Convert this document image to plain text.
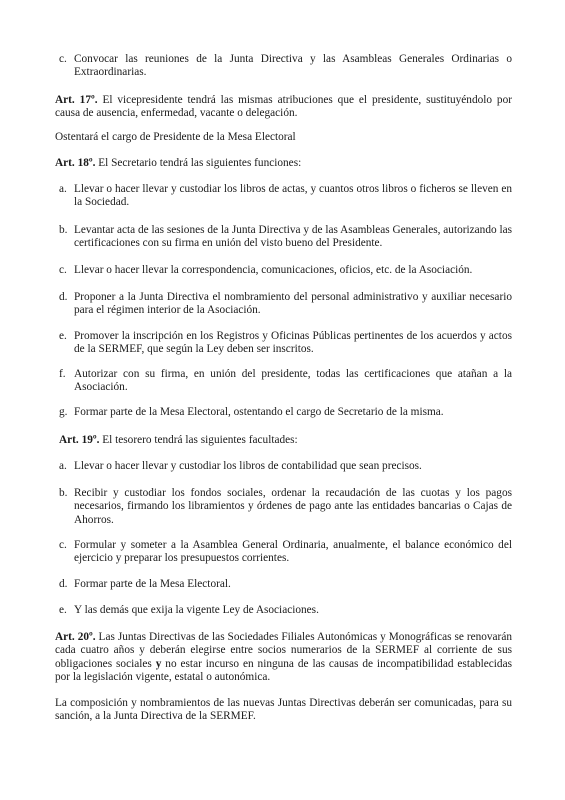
c. Convocar las reuniones de la Junta Directiva y las Asambleas Generales Ordinarias o Extraordinarias.

Art. 17º. El vicepresidente tendrá las mismas atribuciones que el presidente, sustituyéndolo por causa de ausencia, enfermedad, vacante o delegación.

Ostentará el cargo de Presidente de la Mesa Electoral

Art. 18º. El Secretario tendrá las siguientes funciones:

a. Llevar o hacer llevar y custodiar los libros de actas, y cuantos otros libros o ficheros se lleven en la Sociedad.
b. Levantar acta de las sesiones de la Junta Directiva y de las Asambleas Generales, autorizando las certificaciones con su firma en unión del visto bueno del Presidente.
c. Llevar o hacer llevar la correspondencia, comunicaciones, oficios, etc. de la Asociación.
d. Proponer a la Junta Directiva el nombramiento del personal administrativo y auxiliar necesario para el régimen interior de la Asociación.
e. Promover la inscripción en los Registros y Oficinas Públicas pertinentes de los acuerdos y actos de la SERMEF, que según la Ley deben ser inscritos.
f. Autorizar con su firma, en unión del presidente, todas las certificaciones que atañan a la Asociación.
g. Formar parte de la Mesa Electoral, ostentando el cargo de Secretario de la misma.

Art. 19º. El tesorero tendrá las siguientes facultades:

a. Llevar o hacer llevar y custodiar los libros de contabilidad que sean precisos.
b. Recibir y custodiar los fondos sociales, ordenar la recaudación de las cuotas y los pagos necesarios, firmando los libramientos y órdenes de pago ante las entidades bancarias o Cajas de Ahorros.
c. Formular y someter a la Asamblea General Ordinaria, anualmente, el balance económico del ejercicio y preparar los presupuestos corrientes.
d. Formar parte de la Mesa Electoral.
e. Y las demás que exija la vigente Ley de Asociaciones.

Art. 20º. Las Juntas Directivas de las Sociedades Filiales Autonómicas y Monográficas se renovarán cada cuatro años y deberán elegirse entre socios numerarios de la SERMEF al corriente de sus obligaciones sociales y no estar incurso en ninguna de las causas de incompatibilidad establecidas por la legislación vigente, estatal o autonómica.

La composición y nombramientos de las nuevas Juntas Directivas deberán ser comunicadas, para su sanción, a la Junta Directiva de la SERMEF.
